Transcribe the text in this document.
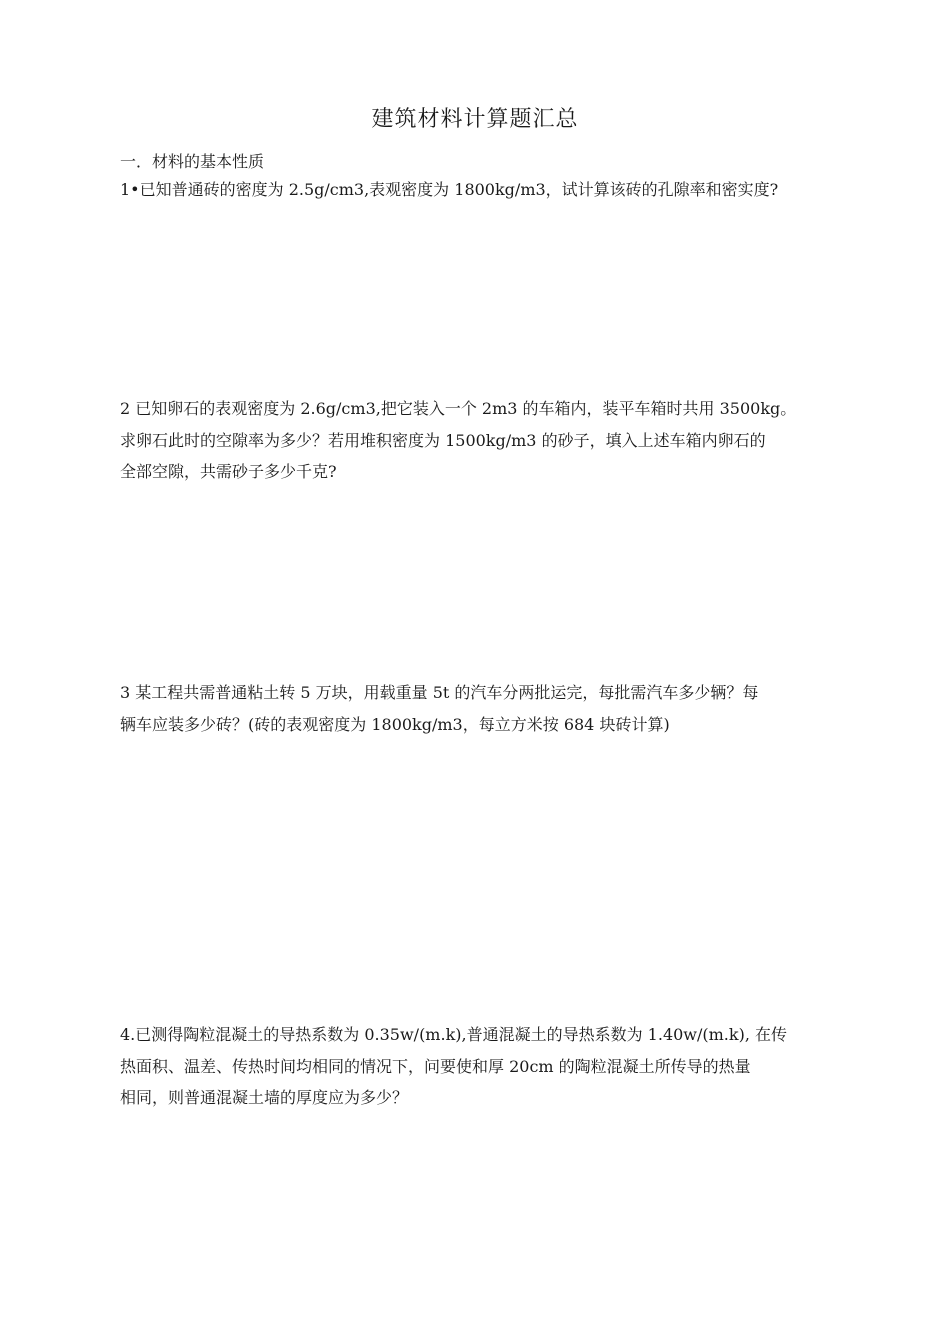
建筑材料计算题汇总
一．材料的基本性质
1•已知普通砖的密度为 2.5g/cm3,表观密度为 1800kg/m3，试计算该砖的孔隙率和密实度?
2 已知卵石的表观密度为 2.6g/cm3,把它装入一个 2m3 的车箱内，装平车箱时共用 3500kg。
求卵石此时的空隙率为多少？若用堆积密度为 1500kg/m3 的砂子，填入上述车箱内卵石的
全部空隙，共需砂子多少千克?
3 某工程共需普通粘土转 5 万块，用载重量 5t 的汽车分两批运完，每批需汽车多少辆？每
辆车应装多少砖？(砖的表观密度为 1800kg/m3，每立方米按 684 块砖计算)
4.已测得陶粒混凝土的导热系数为 0.35w/(m.k),普通混凝土的导热系数为 1.40w/(m.k), 在传
热面积、温差、传热时间均相同的情况下，问要使和厚 20cm 的陶粒混凝土所传导的热量
相同，则普通混凝土墙的厚度应为多少？
